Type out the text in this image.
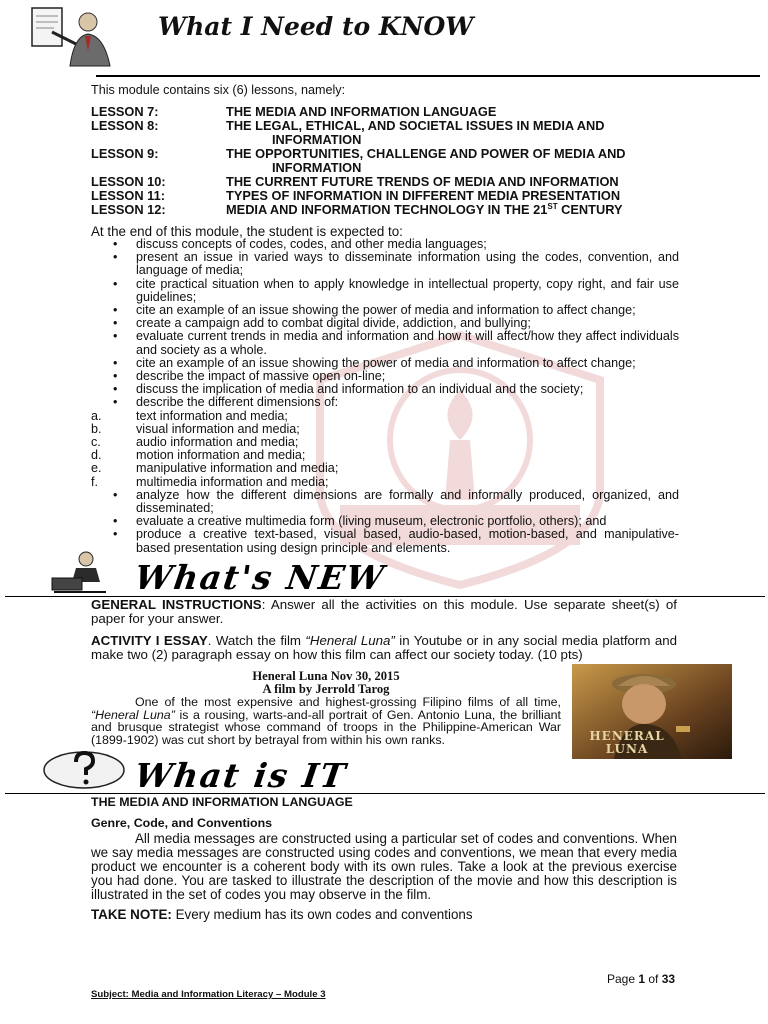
What I Need to KNOW
This module contains six (6) lessons, namely:
LESSON 7:	THE MEDIA AND INFORMATION LANGUAGE
LESSON 8:	THE LEGAL, ETHICAL, AND SOCIETAL ISSUES IN MEDIA AND
INFORMATION
LESSON 9:	THE OPPORTUNITIES, CHALLENGE AND POWER OF MEDIA AND
INFORMATION
LESSON 10:	THE CURRENT FUTURE TRENDS OF MEDIA AND INFORMATION
LESSON 11:	TYPES OF INFORMATION IN DIFFERENT MEDIA PRESENTATION
LESSON 12:	MEDIA AND INFORMATION TECHNOLOGY IN THE 21ST CENTURY
At the end of this module, the student is expected to:
•	discuss concepts of codes, codes, and other media languages;
•	present an issue in varied ways to disseminate information using the codes, convention, and language of media;
•	cite practical situation when to apply knowledge in intellectual property, copy right, and fair use guidelines;
•	cite an example of an issue showing the power of media and information to affect change;
•	create a campaign add to combat digital divide, addiction, and bullying;
•	evaluate current trends in media and information and how it will affect/how they affect individuals and society as a whole.
•	cite an example of an issue showing the power of media and information to affect change;
•	describe the impact of massive open on-line;
•	discuss the implication of media and information to an individual and the society;
•	describe the different dimensions of:
a.	text information and media;
b.	visual information and media;
c.	audio information and media;
d.	motion information and media;
e.	manipulative information and media;
f.	multimedia information and media;
•	analyze how the different dimensions are formally and informally produced, organized, and disseminated;
•	evaluate a creative multimedia form (living museum, electronic portfolio, others); and
•	produce a creative text-based, visual based, audio-based, motion-based, and manipulative-based presentation using design principle and elements.
What's NEW
GENERAL INSTRUCTIONS: Answer all the activities on this module. Use separate sheet(s) of paper for your answer.
ACTIVITY I ESSAY. Watch the film “Heneral Luna” in Youtube or in any social media platform and make two (2) paragraph essay on how this film can affect our society today. (10 pts)
Heneral Luna Nov 30, 2015
A film by Jerrold Tarog
One of the most expensive and highest-grossing Filipino films of all time, “Heneral Luna” is a rousing, warts-and-all portrait of Gen. Antonio Luna, the brilliant and brusque strategist whose command of troops in the Philippine-American War (1899-1902) was cut short by betrayal from within his own ranks.	HENERAL LUNA
What is IT
THE MEDIA AND INFORMATION LANGUAGE
Genre, Code, and Conventions
All media messages are constructed using a particular set of codes and conventions. When we say media messages are constructed using codes and conventions, we mean that every media product we encounter is a coherent body with its own rules. Take a look at the previous exercise you had done. You are tasked to illustrate the description of the movie and how this description is illustrated in the set of codes you may observe in the film.
TAKE NOTE: Every medium has its own codes and conventions
Page 1 of 33
Subject: Media and Information Literacy – Module 3
